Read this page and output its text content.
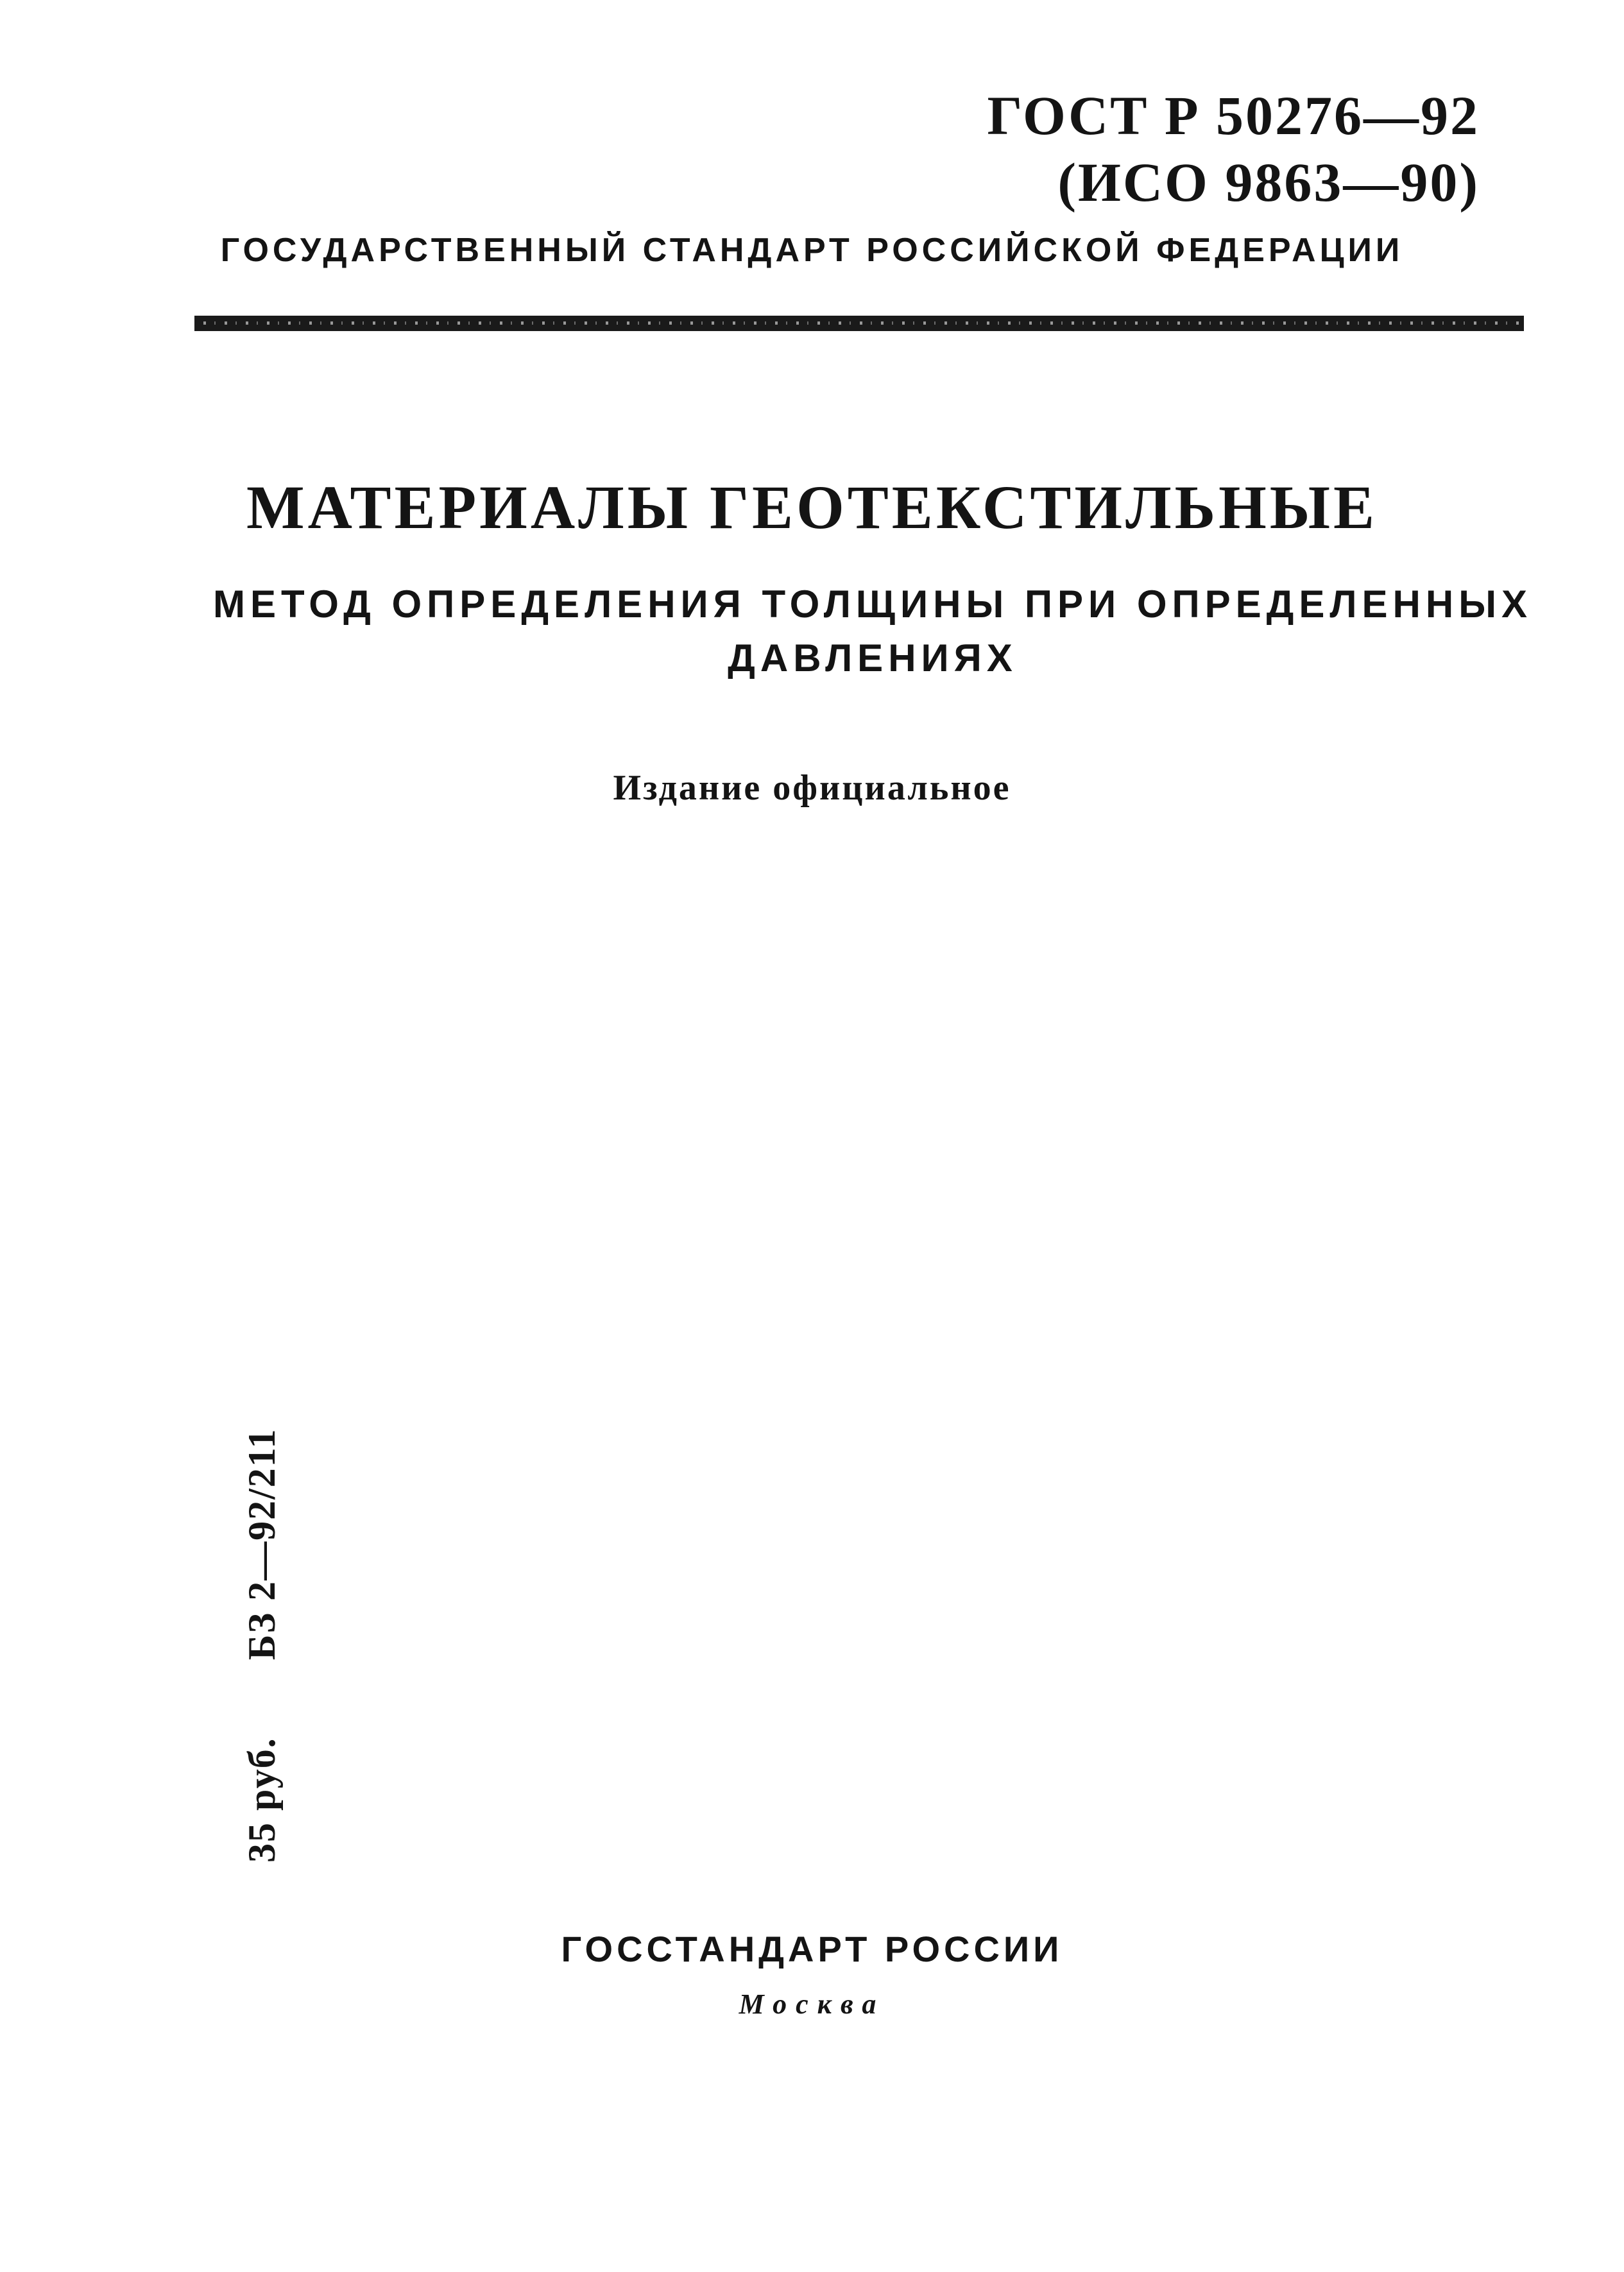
ГОСТ Р 50276—92
(ИСО 9863—90)
ГОСУДАРСТВЕННЫЙ СТАНДАРТ РОССИЙСКОЙ ФЕДЕРАЦИИ
МАТЕРИАЛЫ ГЕОТЕКСТИЛЬНЫЕ
МЕТОД ОПРЕДЕЛЕНИЯ ТОЛЩИНЫ ПРИ ОПРЕДЕЛЕННЫХ
ДАВЛЕНИЯХ
Издание официальное
35 руб.БЗ 2—92/211
ГОССТАНДАРТ РОССИИ
Москва
